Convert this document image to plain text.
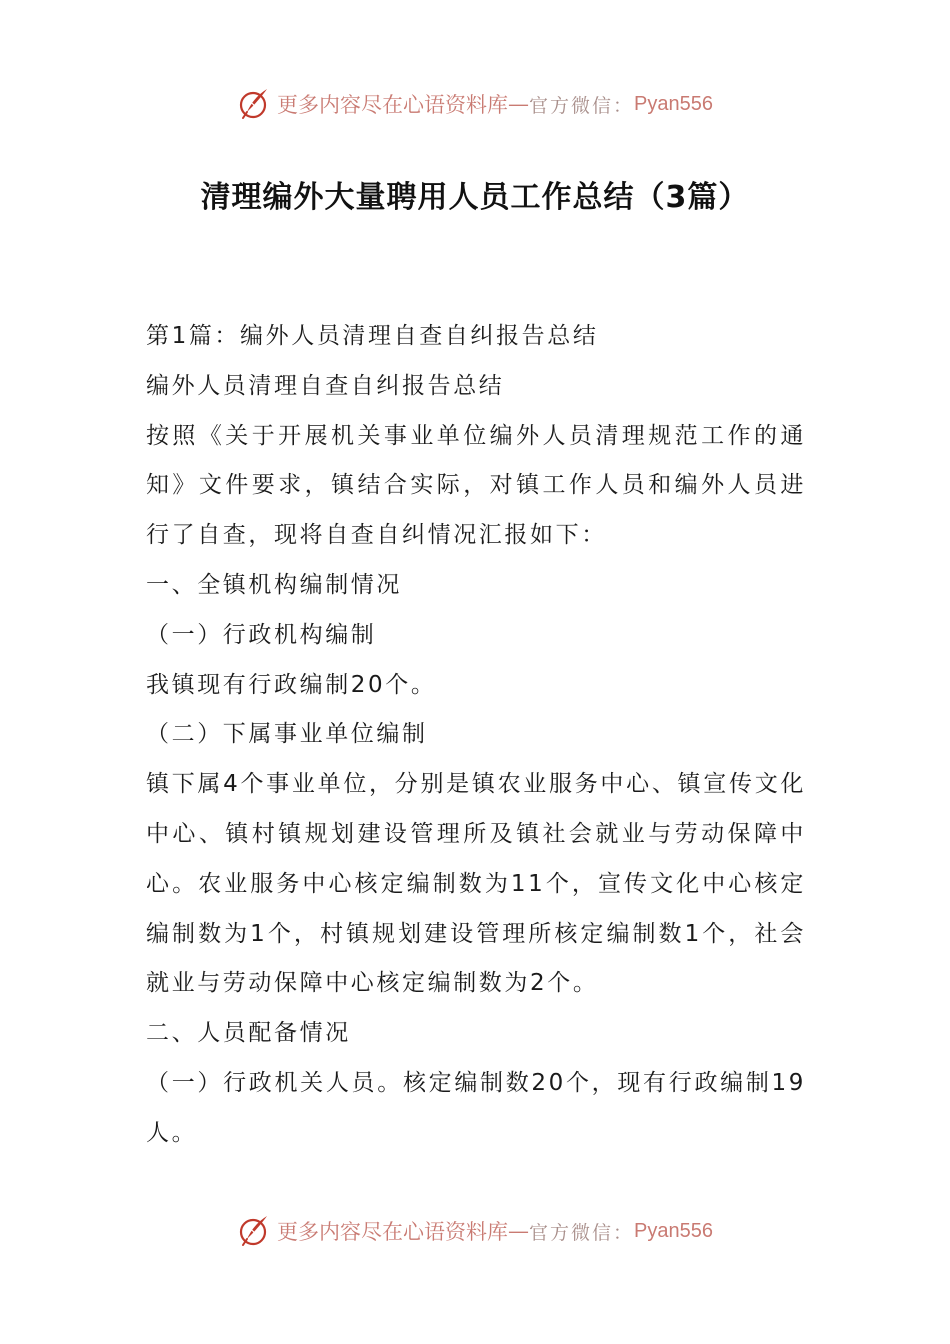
更多内容尽在心语资料库 — 官方微信： Pyan556
清理编外大量聘用人员工作总结（3篇）

第1篇：编外人员清理自查自纠报告总结

编外人员清理自查自纠报告总结

按照《关于开展机关事业单位编外人员清理规范工作的通知》文件要求，镇结合实际，对镇工作人员和编外人员进行了自查，现将自查自纠情况汇报如下：

一、全镇机构编制情况

（一）行政机构编制

我镇现有行政编制20个。

（二）下属事业单位编制

镇下属4个事业单位，分别是镇农业服务中心、镇宣传文化中心、镇村镇规划建设管理所及镇社会就业与劳动保障中心。农业服务中心核定编制数为11个，宣传文化中心核定编制数为1个，村镇规划建设管理所核定编制数1个，社会就业与劳动保障中心核定编制数为2个。

二、人员配备情况

（一）行政机关人员。核定编制数20个，现有行政编制19人。

更多内容尽在心语资料库 — 官方微信： Pyan556
